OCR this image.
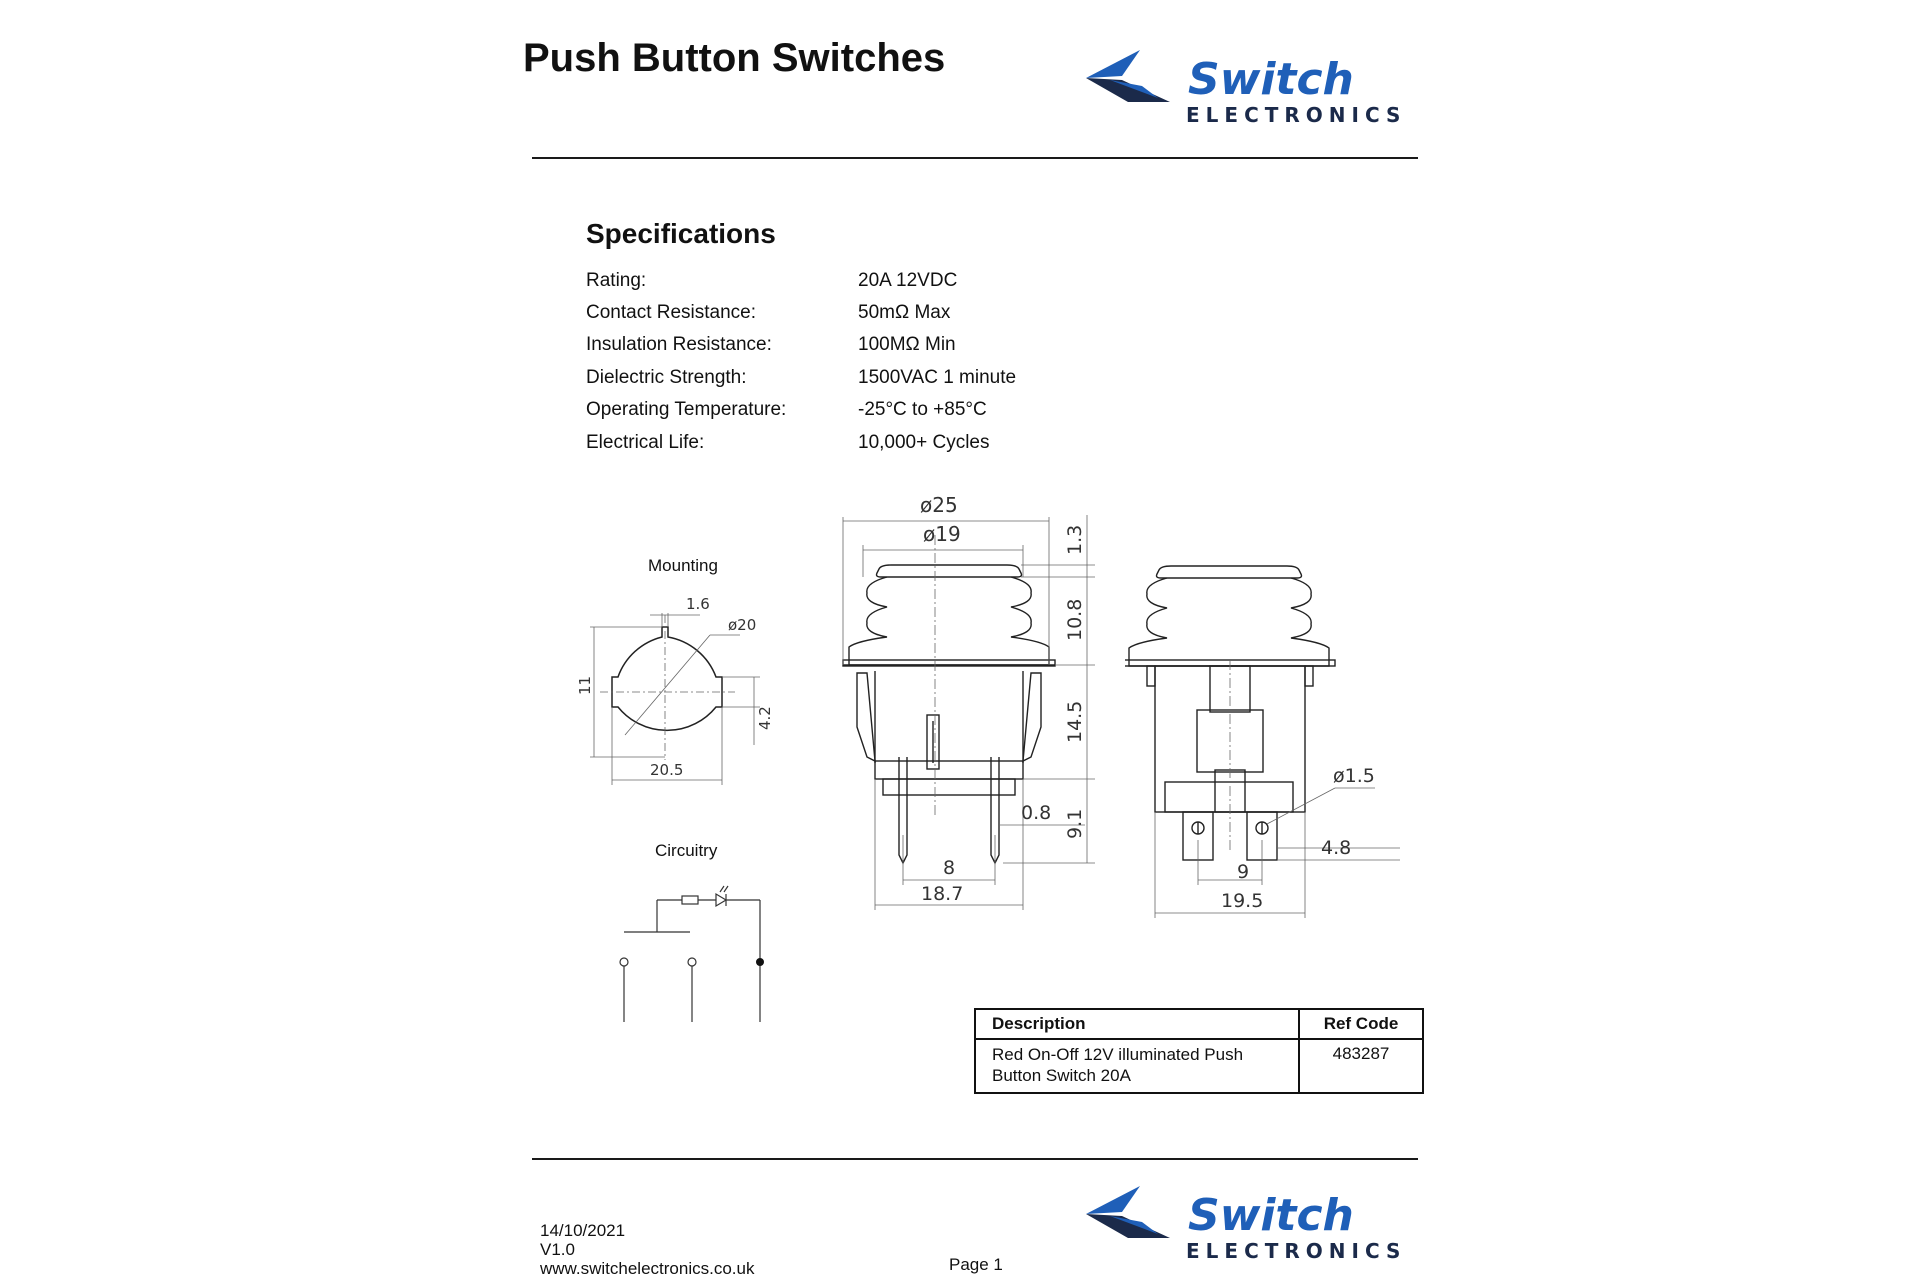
Push Button Switches	Switch
ELECTRONICS
Specifications
Rating:	20A 12VDC
Contact Resistance:	50mΩ Max
Insulation Resistance:	100MΩ Min
Dielectric Strength:	1500VAC 1 minute
Operating Temperature:	-25°C to +85°C
Electrical Life:	10,000+ Cycles
Mounting
1.6
ø20
11
4.2
20.5
Circuitry
ø25
ø19	1.3
10.8
14.5
9.1
0.8
8
18.7
ø1.5
4.8
9
19.5
Description	Ref Code
Red On-Off 12V illuminated Push Button Switch 20A	483287
14/10/2021
V1.0
www.switchelectronics.co.uk	Page 1
Switch
ELECTRONICS
